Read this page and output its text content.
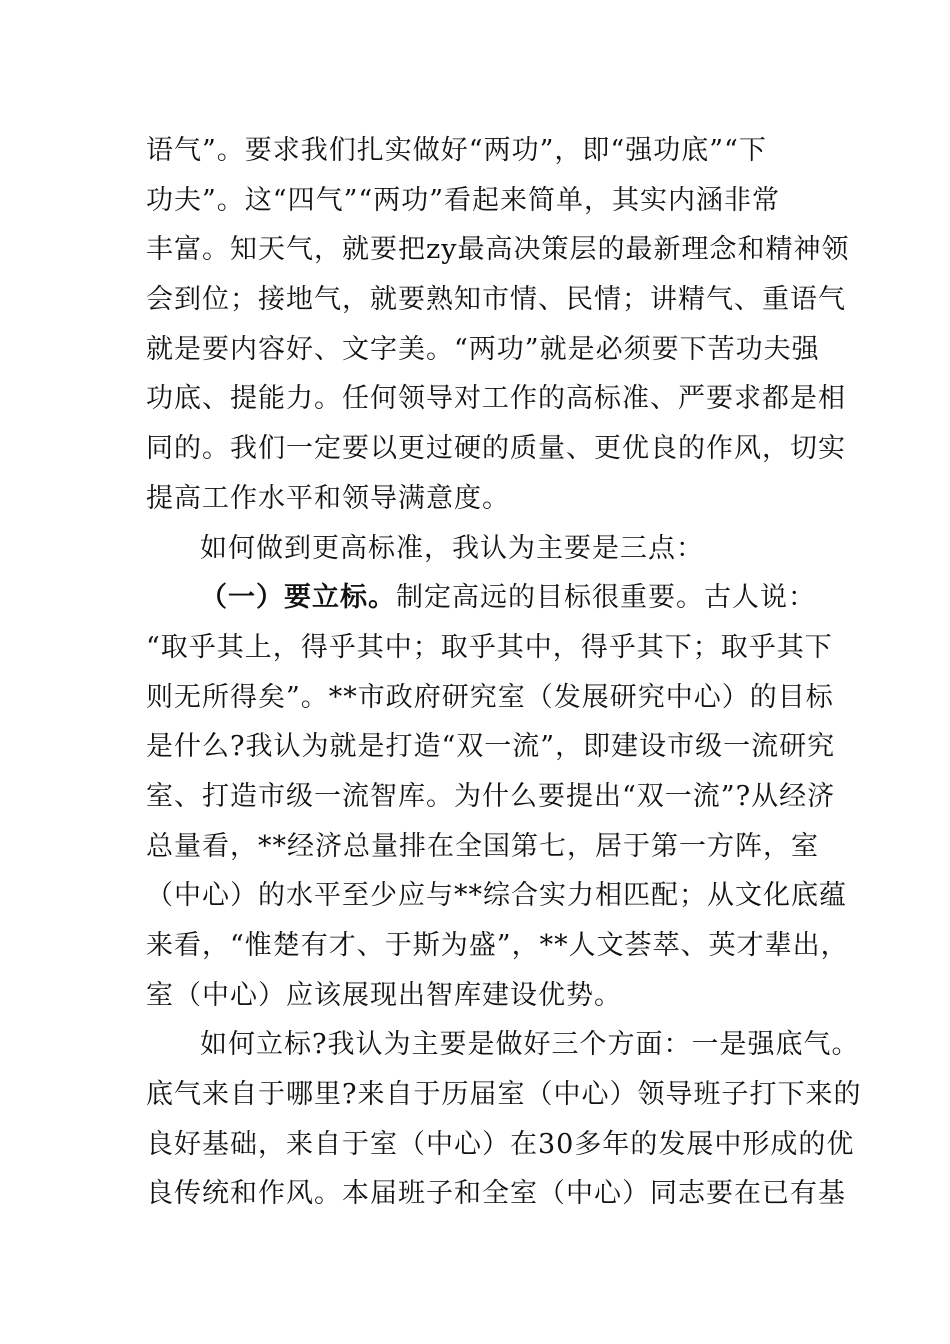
语气”。要求我们扎实做好“两功”，即“强功底”“下
功夫”。这“四气”“两功”看起来简单，其实内涵非常
丰富。知天气，就要把zy最高决策层的最新理念和精神领
会到位；接地气，就要熟知市情、民情；讲精气、重语气
就是要内容好、文字美。“两功”就是必须要下苦功夫强
功底、提能力。任何领导对工作的高标准、严要求都是相
同的。我们一定要以更过硬的质量、更优良的作风，切实
提高工作水平和领导满意度。
如何做到更高标准，我认为主要是三点：
（一）要立标。制定高远的目标很重要。古人说：
“取乎其上，得乎其中；取乎其中，得乎其下；取乎其下
则无所得矣”。**市政府研究室（发展研究中心）的目标
是什么?我认为就是打造“双一流”，即建设市级一流研究
室、打造市级一流智库。为什么要提出“双一流”?从经济
总量看，**经济总量排在全国第七，居于第一方阵，室
（中心）的水平至少应与**综合实力相匹配；从文化底蕴
来看，“惟楚有才、于斯为盛”，**人文荟萃、英才辈出，
室（中心）应该展现出智库建设优势。
如何立标?我认为主要是做好三个方面：一是强底气。
底气来自于哪里?来自于历届室（中心）领导班子打下来的
良好基础，来自于室（中心）在30多年的发展中形成的优
良传统和作风。本届班子和全室（中心）同志要在已有基
